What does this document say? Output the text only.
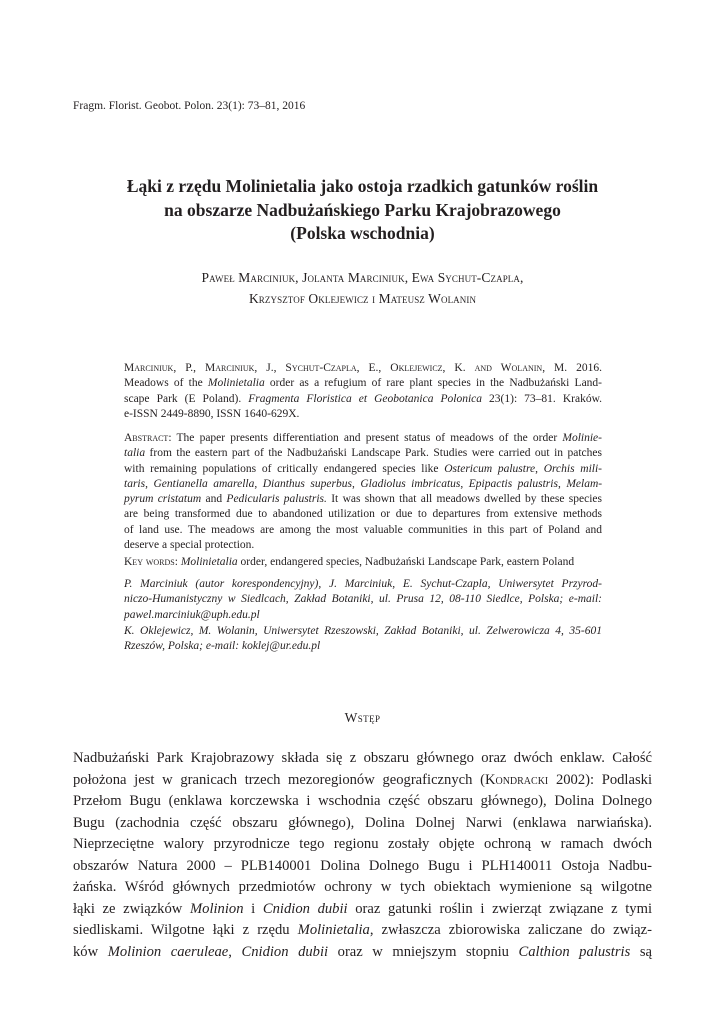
Fragm. Florist. Geobot. Polon. 23(1): 73–81, 2016
Łąki z rzędu Molinietalia jako ostoja rzadkich gatunków roślin
na obszarze Nadbużańskiego Parku Krajobrazowego
(Polska wschodnia)
Paweł Marciniuk, Jolanta Marciniuk, Ewa Sychut-Czapla,
Krzysztof Oklejewicz i Mateusz Wolanin
Marciniuk, P., Marciniuk, J., Sychut-Czapla, E., Oklejewicz, K. and Wolanin, M. 2016.
Meadows of the Molinietalia order as a refugium of rare plant species in the Nadbużański Land-
scape Park (E Poland). Fragmenta Floristica et Geobotanica Polonica 23(1): 73–81. Kraków.
e-ISSN 2449-8890, ISSN 1640-629X.
Abstract: The paper presents differentiation and present status of meadows of the order Molinie-
talia from the eastern part of the Nadbużański Landscape Park. Studies were carried out in patches
with remaining populations of critically endangered species like Ostericum palustre, Orchis mili-
taris, Gentianella amarella, Dianthus superbus, Gladiolus imbricatus, Epipactis palustris, Melam-
pyrum cristatum and Pedicularis palustris. It was shown that all meadows dwelled by these species
are being transformed due to abandoned utilization or due to departures from extensive methods
of land use. The meadows are among the most valuable communities in this part of Poland and
deserve a special protection.
Key words: Molinietalia order, endangered species, Nadbużański Landscape Park, eastern Poland
P. Marciniuk (autor korespondencyjny), J. Marciniuk, E. Sychut-Czapla, Uniwersytet Przyrod-
niczo-Humanistyczny w Siedlcach, Zakład Botaniki, ul. Prusa 12, 08-110 Siedlce, Polska; e-mail:
pawel.marciniuk@uph.edu.pl
K. Oklejewicz, M. Wolanin, Uniwersytet Rzeszowski, Zakład Botaniki, ul. Zelwerowicza 4, 35-601
Rzeszów, Polska; e-mail: koklej@ur.edu.pl
Wstęp
Nadbużański Park Krajobrazowy składa się z obszaru głównego oraz dwóch enklaw. Całość
położona jest w granicach trzech mezoregionów geograficznych (Kondracki 2002): Podlaski
Przełom Bugu (enklawa korczewska i wschodnia część obszaru głównego), Dolina Dolnego
Bugu (zachodnia część obszaru głównego), Dolina Dolnej Narwi (enklawa narwiańska).
Nieprzeciętne walory przyrodnicze tego regionu zostały objęte ochroną w ramach dwóch
obszarów Natura 2000 – PLB140001 Dolina Dolnego Bugu i PLH140011 Ostoja Nadbu-
żańska. Wśród głównych przedmiotów ochrony w tych obiektach wymienione są wilgotne
łąki ze związków Molinion i Cnidion dubii oraz gatunki roślin i zwierząt związane z tymi
siedliskami. Wilgotne łąki z rzędu Molinietalia, zwłaszcza zbiorowiska zaliczane do związ-
ków Molinion caeruleae, Cnidion dubii oraz w mniejszym stopniu Calthion palustris są
